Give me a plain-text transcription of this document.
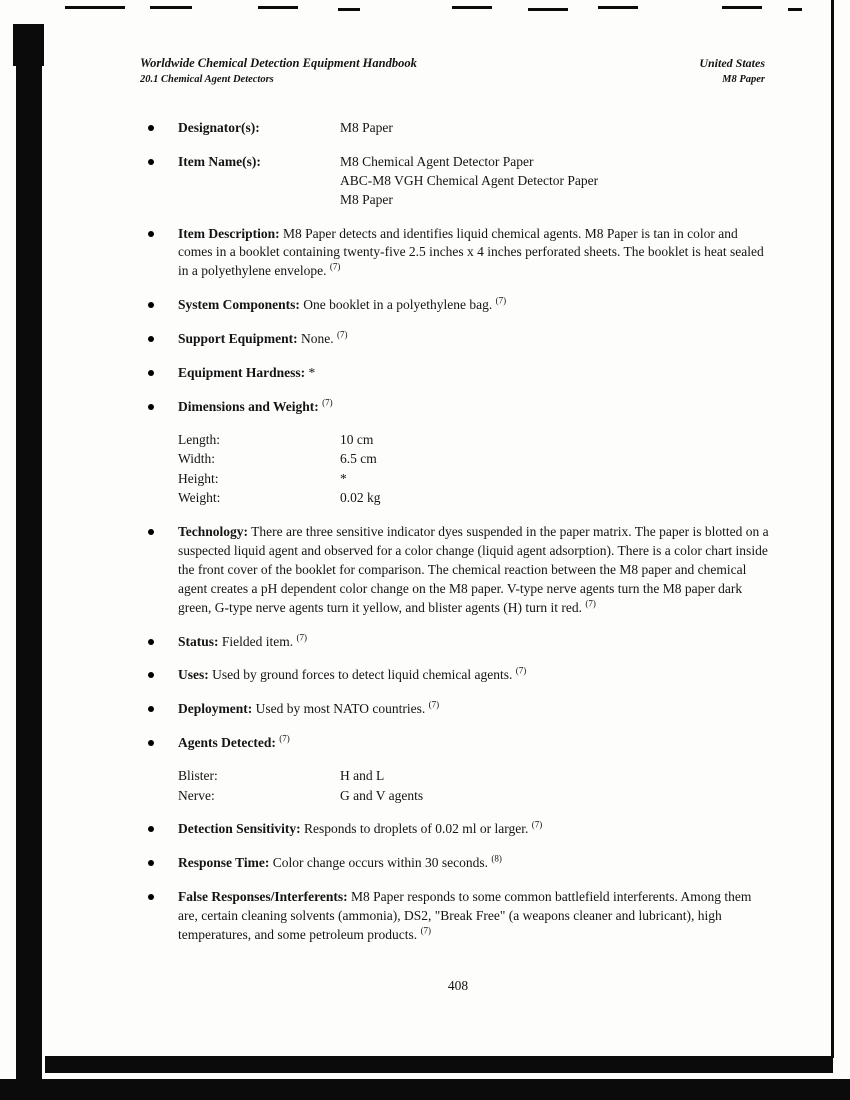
Worldwide Chemical Detection Equipment Handbook
20.1 Chemical Agent Detectors
United States
M8 Paper
Designator(s):	M8 Paper
Item Name(s):	M8 Chemical Agent Detector Paper
ABC-M8 VGH Chemical Agent Detector Paper
M8 Paper
Item Description: M8 Paper detects and identifies liquid chemical agents. M8 Paper is tan in color and comes in a booklet containing twenty-five 2.5 inches x 4 inches perforated sheets. The booklet is heat sealed in a polyethylene envelope. $^{(7)}$
System Components: One booklet in a polyethylene bag. $^{(7)}$
Support Equipment: None. $^{(7)}$
Equipment Hardness: *
Dimensions and Weight: $^{(7)}$
Length:	10 cm
Width:	6.5 cm
Height:	*
Weight:	0.02 kg
Technology: There are three sensitive indicator dyes suspended in the paper matrix. The paper is blotted on a suspected liquid agent and observed for a color change (liquid agent adsorption). There is a color chart inside the front cover of the booklet for comparison. The chemical reaction between the M8 paper and chemical agent creates a pH dependent color change on the M8 paper. V-type nerve agents turn the M8 paper dark green, G-type nerve agents turn it yellow, and blister agents (H) turn it red. $^{(7)}$
Status: Fielded item. $^{(7)}$
Uses: Used by ground forces to detect liquid chemical agents. $^{(7)}$
Deployment: Used by most NATO countries. $^{(7)}$
Agents Detected: $^{(7)}$
Blister:	H and L
Nerve:	G and V agents
Detection Sensitivity: Responds to droplets of 0.02 ml or larger. $^{(7)}$
Response Time: Color change occurs within 30 seconds. $^{(8)}$
False Responses/Interferents: M8 Paper responds to some common battlefield interferents. Among them are, certain cleaning solvents (ammonia), DS2, "Break Free" (a weapons cleaner and lubricant), high temperatures, and some petroleum products. $^{(7)}$
408
